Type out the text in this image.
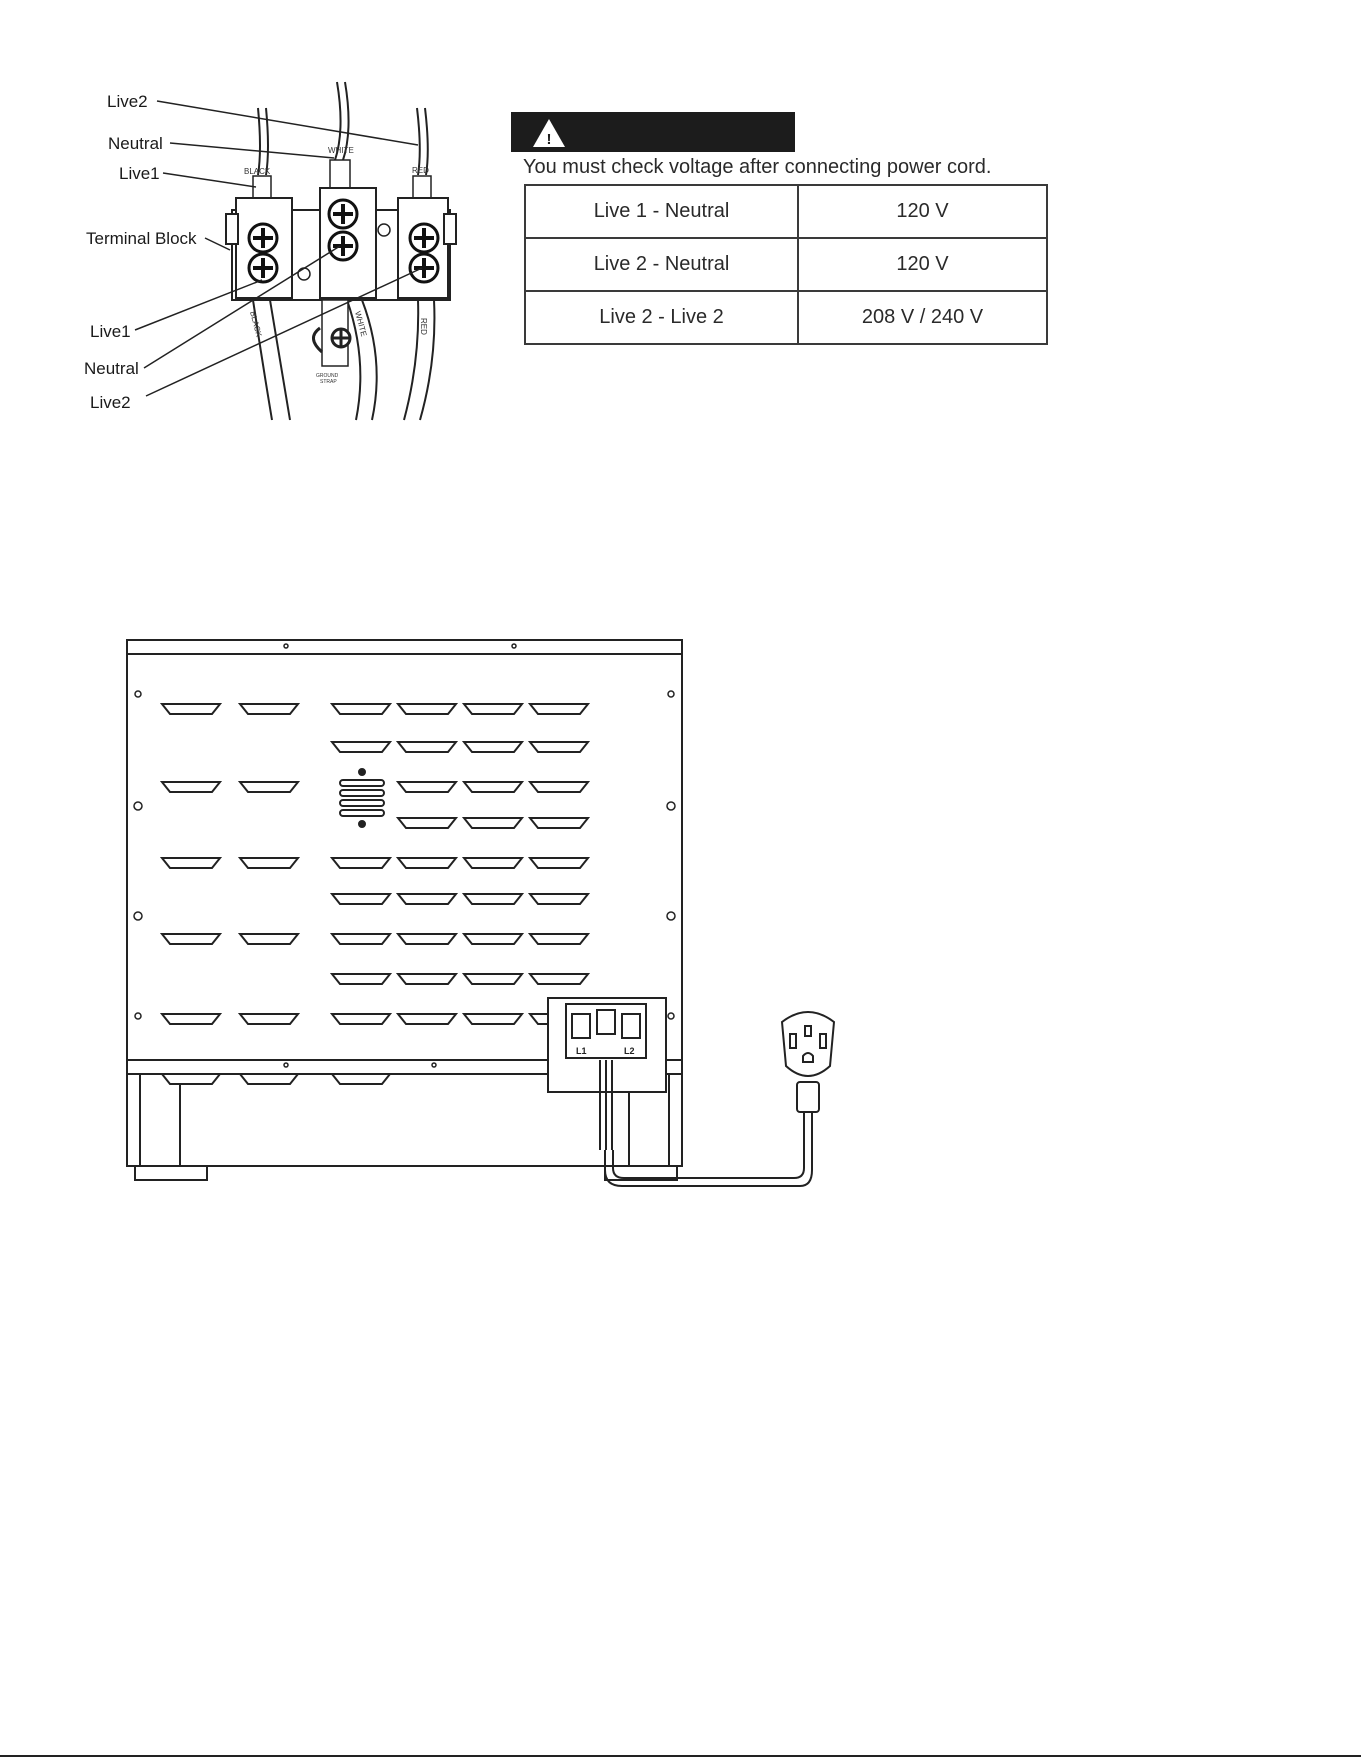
Live2
Neutral
Live1
Terminal Block
Live1
Neutral
Live2
BLACK
WHITE
RED
BLACK	WHITE	RED
GROUND
STRAP
!
You must check voltage after connecting power cord.
Live 1 - Neutral	120 V
Live 2 - Neutral	120 V
Live 2 - Live 2	208 V / 240 V
L1	L2
